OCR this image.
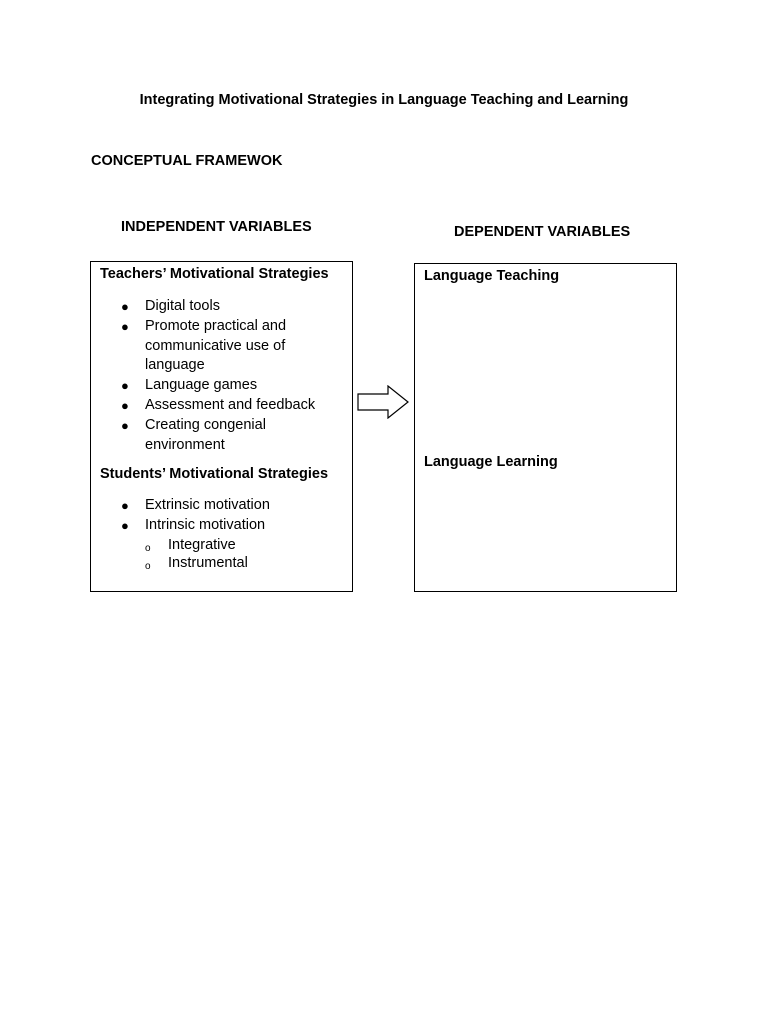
Integrating Motivational Strategies in Language Teaching and Learning
CONCEPTUAL FRAMEWOK
INDEPENDENT VARIABLES	DEPENDENT VARIABLES
Teachers’ Motivational Strategies
● Digital tools
● Promote practical and communicative use of language
● Language games
● Assessment and feedback
● Creating congenial environment
Students’ Motivational Strategies
● Extrinsic motivation
● Intrinsic motivation
o Integrative
o Instrumental
Language Teaching
Language Learning
